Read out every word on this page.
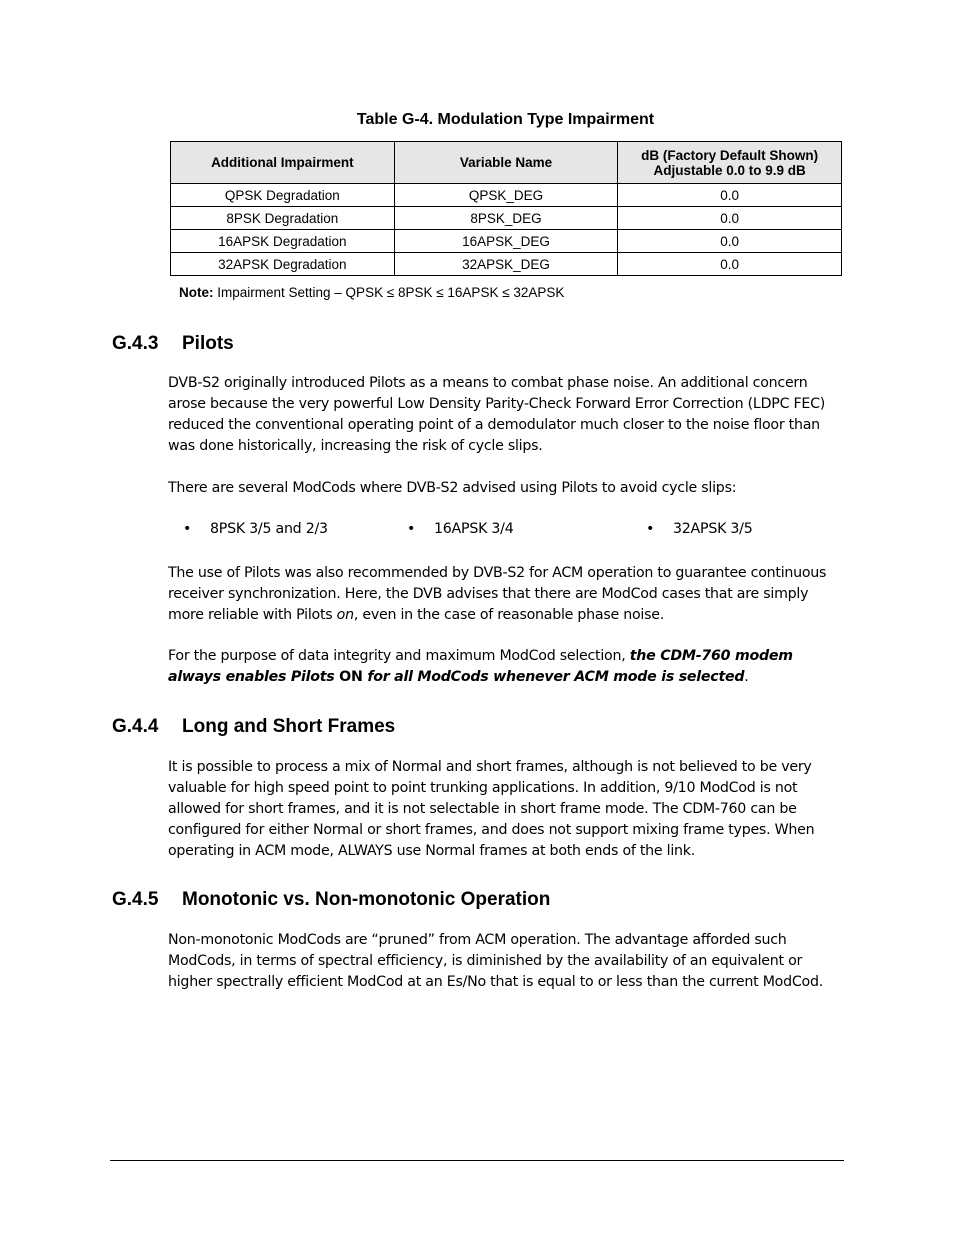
Table G-4. Modulation Type Impairment
Additional Impairment	Variable Name	dB (Factory Default Shown)
Adjustable 0.0 to 9.9 dB
QPSK Degradation	QPSK_DEG	0.0
8PSK Degradation	8PSK_DEG	0.0
16APSK Degradation	16APSK_DEG	0.0
32APSK Degradation	32APSK_DEG	0.0
Note: Impairment Setting – QPSK ≤ 8PSK ≤ 16APSK ≤ 32APSK
G.4.3 Pilots

DVB-S2 originally introduced Pilots as a means to combat phase noise. An additional concern arose because the very powerful Low Density Parity-Check Forward Error Correction (LDPC FEC) reduced the conventional operating point of a demodulator much closer to the noise floor than was done historically, increasing the risk of cycle slips.

There are several ModCods where DVB-S2 advised using Pilots to avoid cycle slips:

• 8PSK 3/5 and 2/3	• 16APSK 3/4	• 32APSK 3/5

The use of Pilots was also recommended by DVB-S2 for ACM operation to guarantee continuous receiver synchronization. Here, the DVB advises that there are ModCod cases that are simply more reliable with Pilots on, even in the case of reasonable phase noise.

For the purpose of data integrity and maximum ModCod selection, the CDM-760 modem always enables Pilots ON for all ModCods whenever ACM mode is selected.

G.4.4 Long and Short Frames

It is possible to process a mix of Normal and short frames, although is not believed to be very valuable for high speed point to point trunking applications. In addition, 9/10 ModCod is not allowed for short frames, and it is not selectable in short frame mode. The CDM-760 can be configured for either Normal or short frames, and does not support mixing frame types. When operating in ACM mode, ALWAYS use Normal frames at both ends of the link.

G.4.5 Monotonic vs. Non-monotonic Operation

Non-monotonic ModCods are “pruned” from ACM operation. The advantage afforded such ModCods, in terms of spectral efficiency, is diminished by the availability of an equivalent or higher spectrally efficient ModCod at an Es/No that is equal to or less than the current ModCod.
